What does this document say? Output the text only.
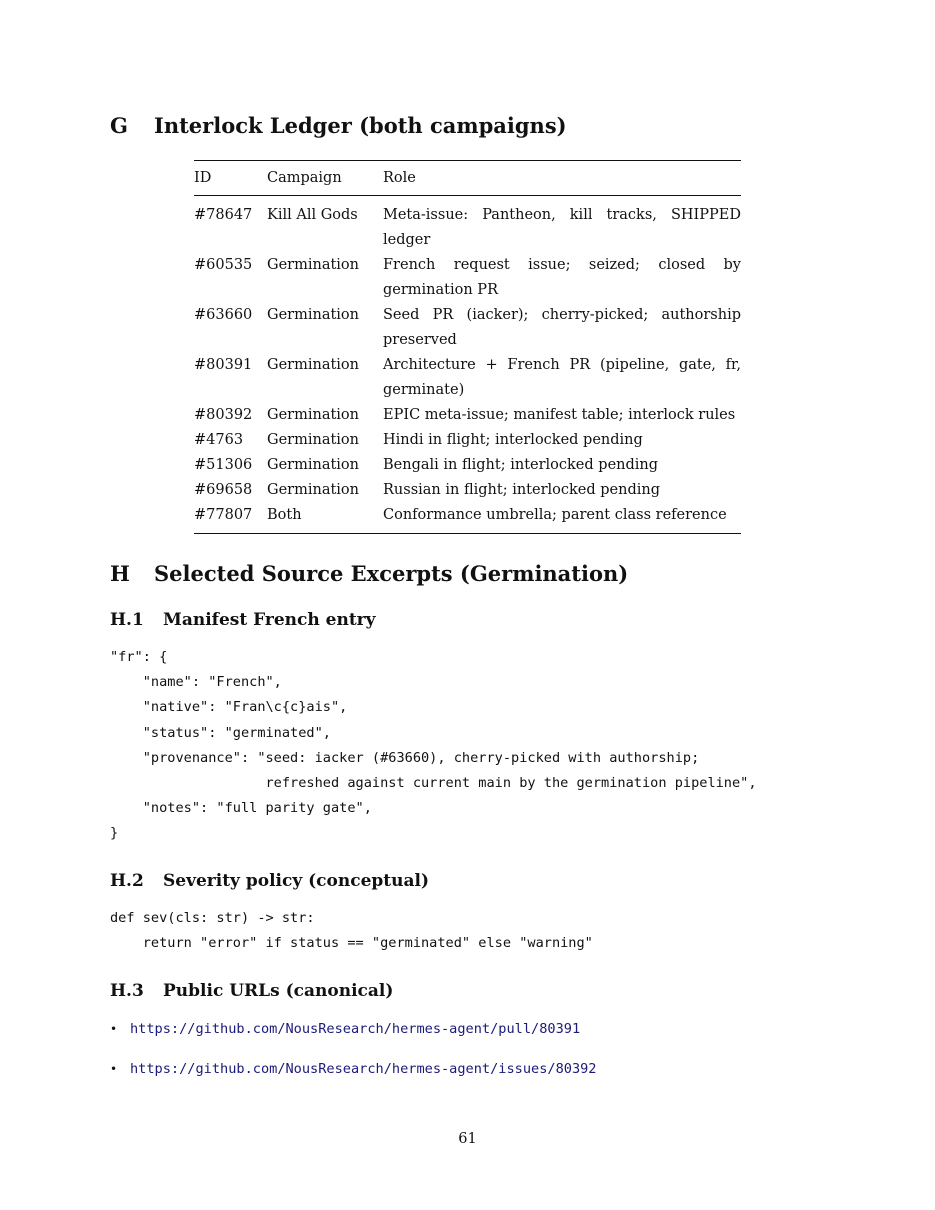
G Interlock Ledger (both campaigns)
ID	Campaign	Role
#78647	Kill All Gods	Meta-issue: Pantheon, kill tracks, SHIPPED ledger
#60535	Germination	French request issue; seized; closed by germination PR
#63660	Germination	Seed PR (iacker); cherry-picked; authorship preserved
#80391	Germination	Architecture + French PR (pipeline, gate, fr, germinate)
#80392	Germination	EPIC meta-issue; manifest table; interlock rules
#4763	Germination	Hindi in flight; interlocked pending
#51306	Germination	Bengali in flight; interlocked pending
#69658	Germination	Russian in flight; interlocked pending
#77807	Both	Conformance umbrella; parent class reference
H Selected Source Excerpts (Germination)
H.1 Manifest French entry
"fr": {
"name": "French",
"native": "Fran\c{c}ais",
"status": "germinated",
"provenance": "seed: iacker (#63660), cherry-picked with authorship;
refreshed against current main by the germination pipeline",
"notes": "full parity gate",
}
H.2 Severity policy (conceptual)
def sev(cls: str) -> str:
return "error" if status == "germinated" else "warning"
H.3 Public URLs (canonical)
• https://github.com/NousResearch/hermes-agent/pull/80391
• https://github.com/NousResearch/hermes-agent/issues/80392
61
